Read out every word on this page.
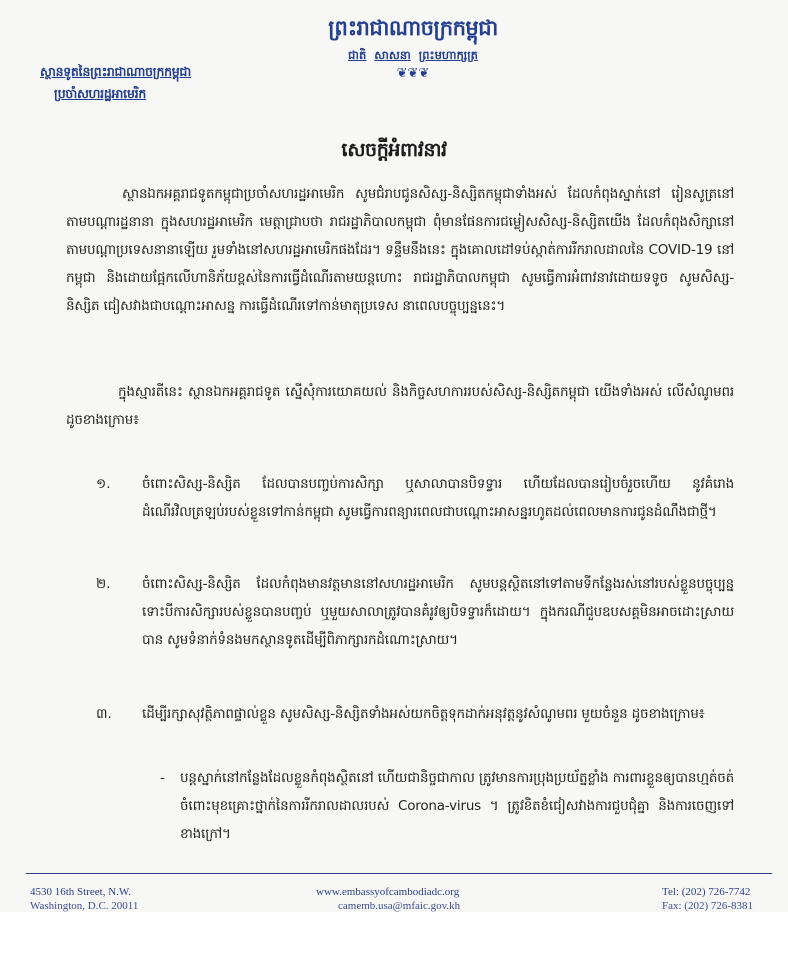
ព្រះរាជាណាចក្រកម្ពុជា
ជាតិ សាសនា ព្រះមហាក្សត្រ
❦❦❦
ស្ថានទូតនៃព្រះរាជាណាចក្រកម្ពុជា
ប្រចាំសហរដ្ឋអាមេរិក
សេចក្តីអំពាវនាវ
ស្ថានឯកអគ្គរាជទូតកម្ពុជាប្រចាំសហរដ្ឋអាមេរិក សូមជំរាបជូនសិស្ស-និស្សិតកម្ពុជាទាំងអស់ ដែលកំពុងស្នាក់នៅ រៀនសូត្រនៅតាមបណ្តារដ្ឋនានា ក្នុងសហរដ្ឋអាមេរិក មេត្តាជ្រាបថា រាជរដ្ឋាភិបាលកម្ពុជា ពុំមានផែនការជម្លៀសសិស្ស-និស្សិតយើង ដែលកំពុងសិក្សានៅតាមបណ្តាប្រទេសនានាឡើយ រួមទាំងនៅសហរដ្ឋអាមេរិកផងដែរ។ ទន្ទឹមនឹងនេះ ក្នុងគោលដៅទប់ស្កាត់ការរីករាលដាលនៃ COVID-19 នៅកម្ពុជា និងដោយផ្អែកលើហានិភ័យខ្ពស់នៃការធ្វើដំណើរតាមយន្តហោះ រាជរដ្ឋាភិបាលកម្ពុជា សូមធ្វើការអំពាវនាវដោយទទូច សូមសិស្ស-និស្សិត ជៀសវាងជាបណ្តោះអាសន្ន ការធ្វើដំណើរទៅកាន់មាតុប្រទេស នាពេលបច្ចុប្បន្ននេះ។
ក្នុងស្មារតីនេះ ស្ថានឯកអគ្គរាជទូត ស្នើសុំការយោគយល់ និងកិច្ចសហការរបស់សិស្ស-និស្សិតកម្ពុជា យើងទាំងអស់ លើសំណូមពរដូចខាងក្រោម៖
១. ចំពោះសិស្ស-និស្សិត ដែលបានបញ្ចប់ការសិក្សា ឬសាលាបានបិទទ្វារ ហើយដែលបានរៀបចំរួចហើយ នូវគំរោងដំណើរវិលត្រឡប់របស់ខ្លួនទៅកាន់កម្ពុជា សូមធ្វើការពន្យារពេលជាបណ្តោះអាសន្នរហូតដល់ពេលមានការជូនដំណឹងជាថ្មី។
២. ចំពោះសិស្ស-និស្សិត ដែលកំពុងមានវត្តមាននៅសហរដ្ឋអាមេរិក សូមបន្តស្ថិតនៅទៅតាមទីកន្លែងរស់នៅរបស់ខ្លួនបច្ចុប្បន្ន ទោះបីការសិក្សារបស់ខ្លួនបានបញ្ចប់ ឬមួយសាលាត្រូវបានគំរូវឲ្យបិទទ្វារក៏ដោយ។ ក្នុងករណីជួបឧបសគ្គមិនអាចដោះស្រាយបាន សូមទំនាក់ទំនងមកស្ថានទូតដើម្បីពិភាក្សារកដំណោះស្រាយ។
៣. ដើម្បីរក្សាសុវត្ថិភាពផ្ទាល់ខ្លួន សូមសិស្ស-និស្សិតទាំងអស់យកចិត្តទុកដាក់អនុវត្តនូវសំណូមពរ មួយចំនួន ដូចខាងក្រោម៖
- បន្តស្នាក់នៅកន្លែងដែលខ្លួនកំពុងស្ថិតនៅ ហើយជានិច្ចជាកាល ត្រូវមានការប្រុងប្រយ័ត្នខ្លាំង ការពារខ្លួនឲ្យបានហ្មត់ចត់ ចំពោះមុខគ្រោះថ្នាក់នៃការរីករាលដាលរបស់ Corona-virus ។ ត្រូវខិតខំជៀសវាងការជួបជុំគ្នា និងការចេញទៅខាងក្រៅ។
4530 16th Street, N.W.
Washington, D.C. 20011
www.embassyofcambodiadc.org
camemb.usa@mfaic.gov.kh
Tel: (202) 726-7742
Fax: (202) 726-8381
